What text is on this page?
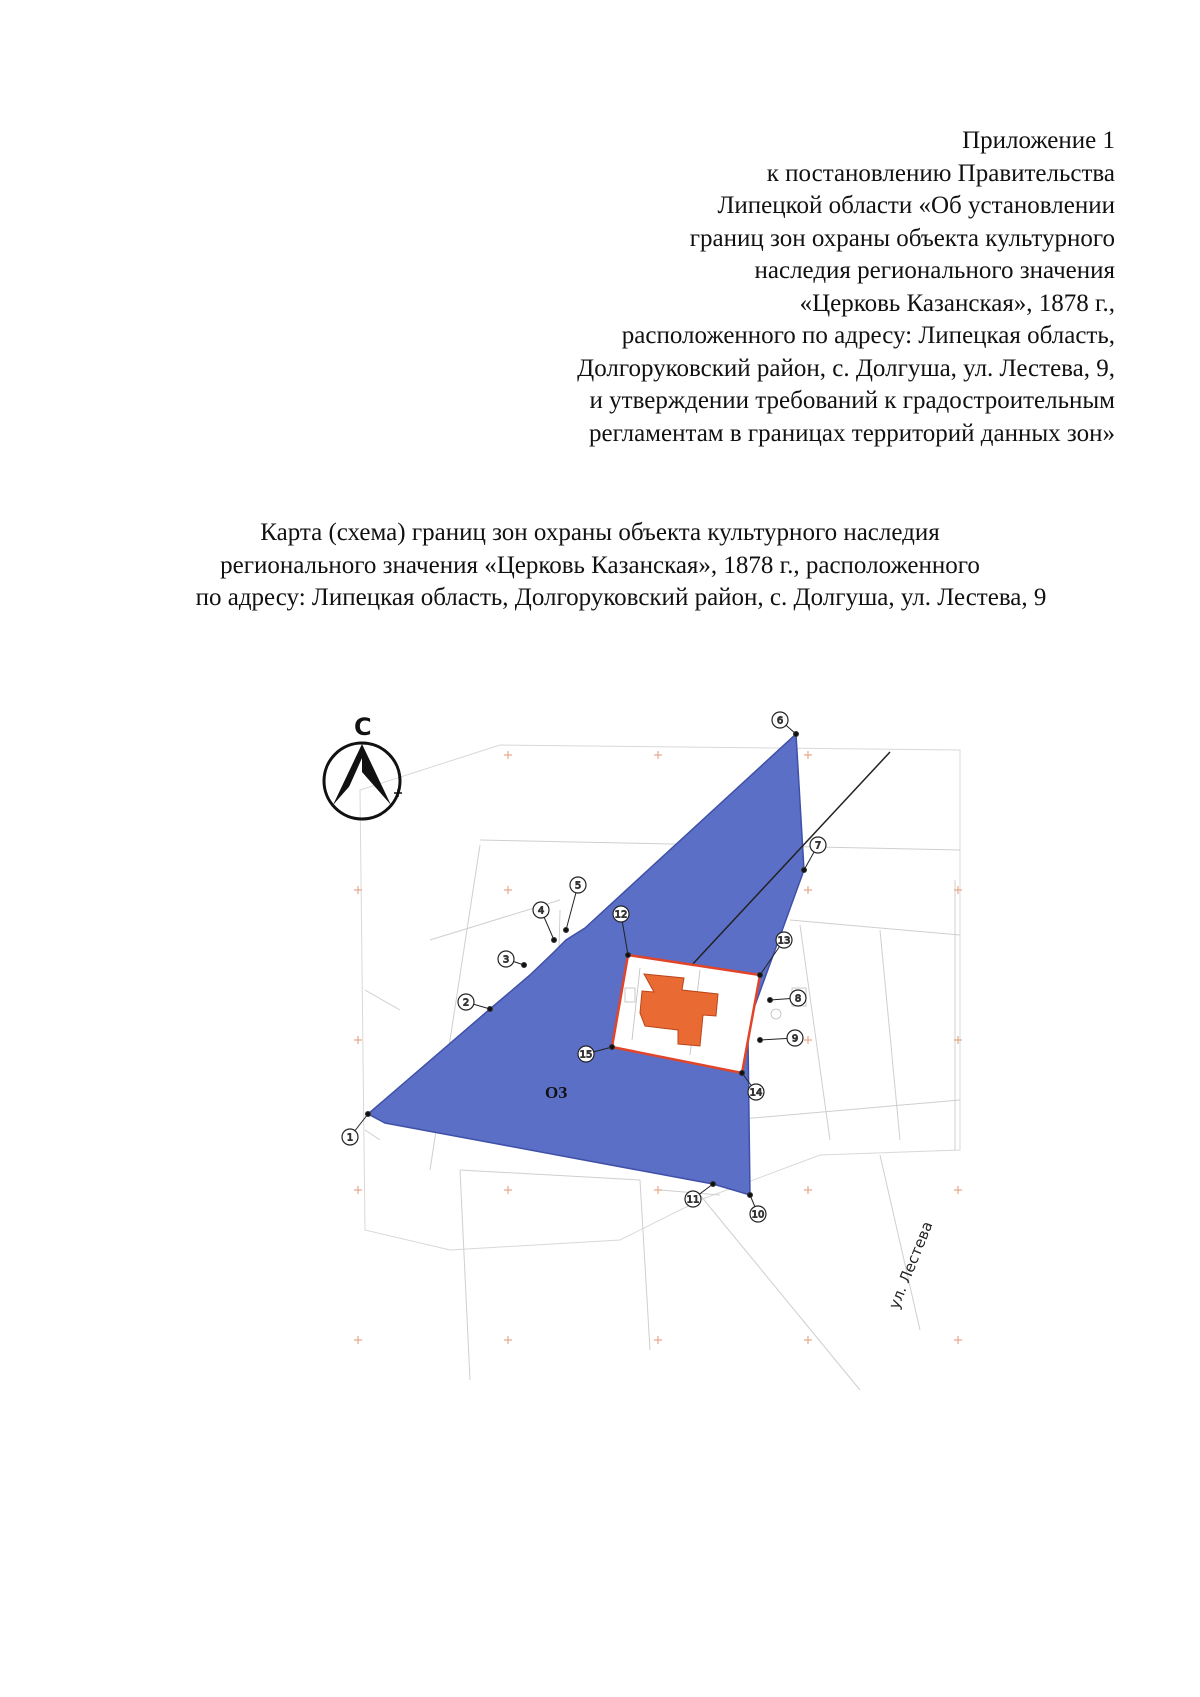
Приложение 1
к постановлению Правительства
Липецкой области «Об установлении
границ зон охраны объекта культурного
наследия регионального значения
«Церковь Казанская», 1878 г.,
расположенного по адресу: Липецкая область,
Долгоруковский район, с. Долгуша, ул. Лестева, 9,
и утверждении требований к градостроительным
регламентам в границах территорий данных зон»
Карта (схема) границ зон охраны объекта культурного наследия
регионального значения «Церковь Казанская», 1878 г., расположенного
по адресу: Липецкая область, Долгоруковский район, с. Долгуша, ул. Лестева, 9
1
2
3
4
5
6
7
8
9
10
11
12
13
14
15
ОЗ
ул. Лестева
С
